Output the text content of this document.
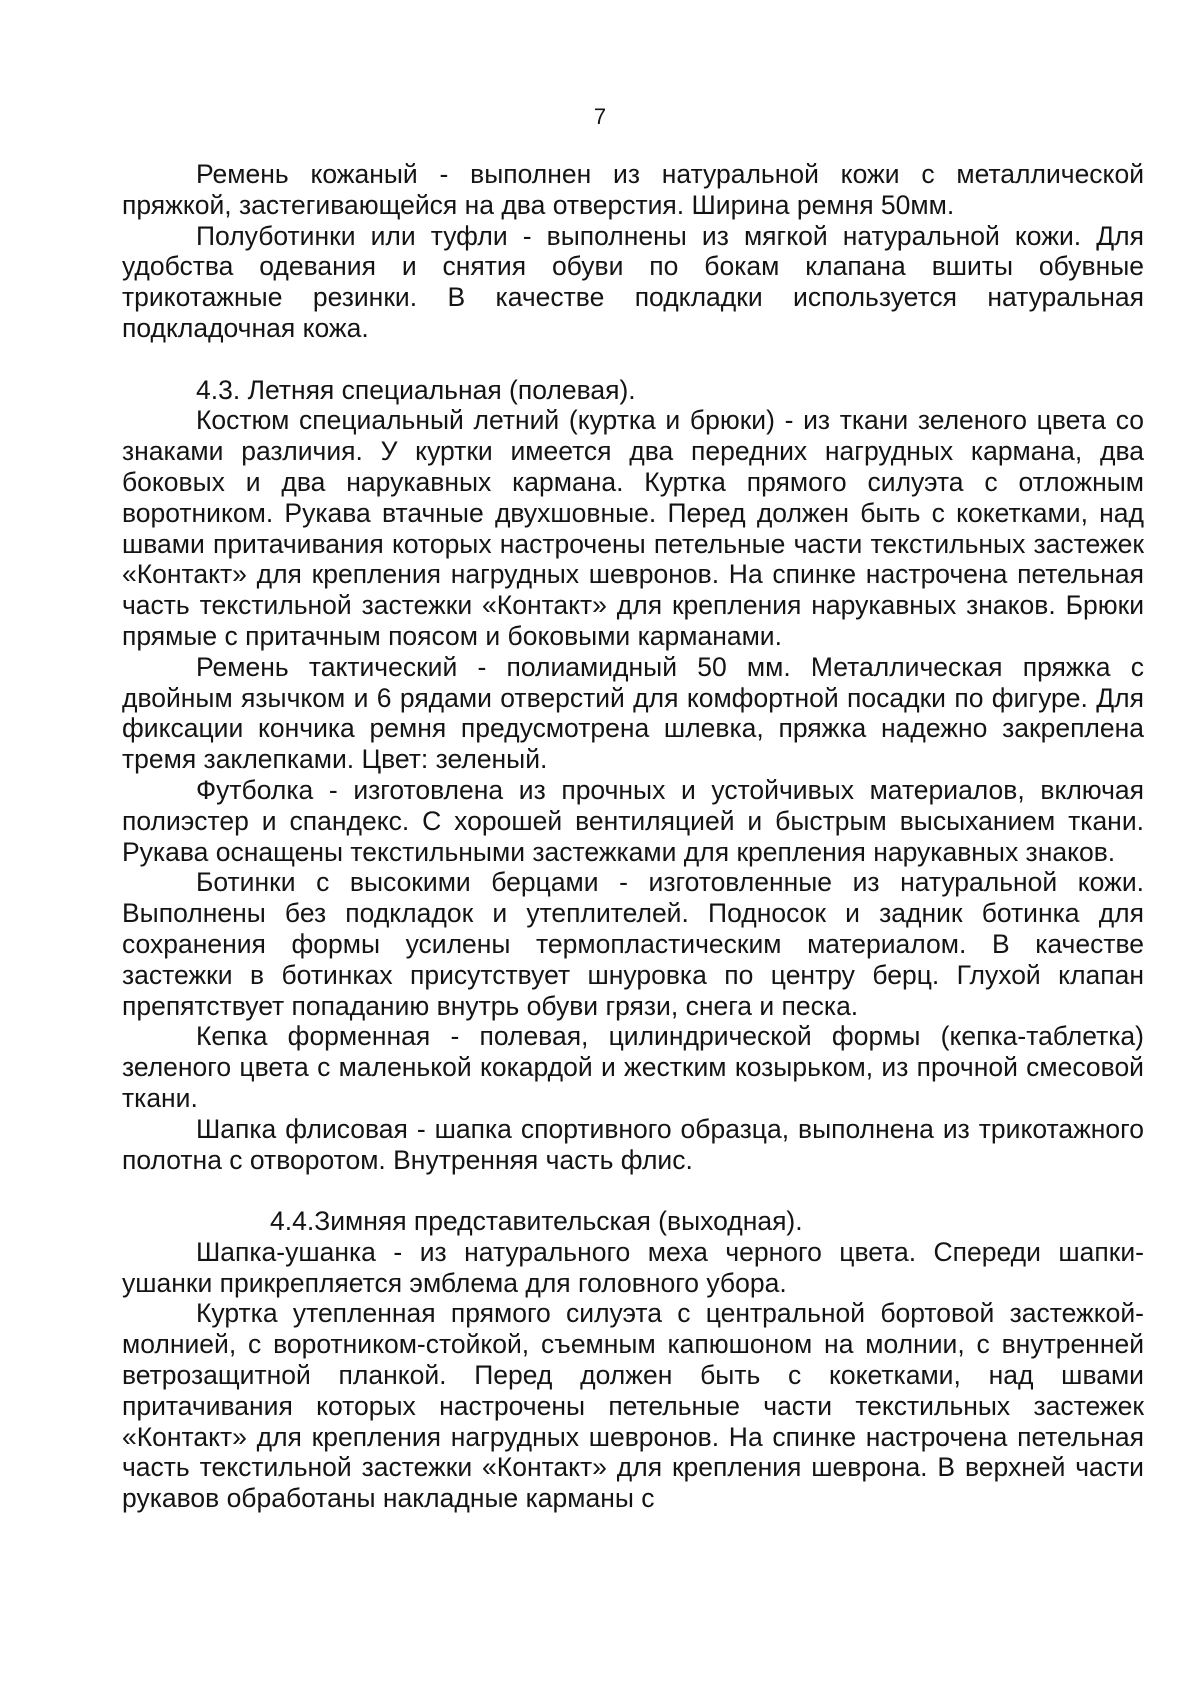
7

Ремень кожаный - выполнен из натуральной кожи с металлической пряжкой, застегивающейся на два отверстия. Ширина ремня 50мм.

Полуботинки или туфли - выполнены из мягкой натуральной кожи. Для удобства одевания и снятия обуви по бокам клапана вшиты обувные трикотажные резинки. В качестве подкладки используется натуральная подкладочная кожа.

4.3. Летняя специальная (полевая).

Костюм специальный летний (куртка и брюки) - из ткани зеленого цвета со знаками различия. У куртки имеется два передних нагрудных кармана, два боковых и два нарукавных кармана. Куртка прямого силуэта с отложным воротником. Рукава втачные двухшовные. Перед должен быть с кокетками, над швами притачивания которых настрочены петельные части текстильных застежек «Контакт» для крепления нагрудных шевронов. На спинке настрочена петельная часть текстильной застежки «Контакт» для крепления нарукавных знаков. Брюки прямые с притачным поясом и боковыми карманами.

Ремень тактический - полиамидный 50 мм. Металлическая пряжка с двойным язычком и 6 рядами отверстий для комфортной посадки по фигуре. Для фиксации кончика ремня предусмотрена шлевка, пряжка надежно закреплена тремя заклепками. Цвет: зеленый.

Футболка - изготовлена из прочных и устойчивых материалов, включая полиэстер и спандекс. С хорошей вентиляцией и быстрым высыханием ткани. Рукава оснащены текстильными застежками для крепления нарукавных знаков.

Ботинки с высокими берцами - изготовленные из натуральной кожи. Выполнены без подкладок и утеплителей. Подносок и задник ботинка для сохранения формы усилены термопластическим материалом. В качестве застежки в ботинках присутствует шнуровка по центру берц. Глухой клапан препятствует попаданию внутрь обуви грязи, снега и песка.

Кепка форменная - полевая, цилиндрической формы (кепка-таблетка) зеленого цвета с маленькой кокардой и жестким козырьком, из прочной смесовой ткани.

Шапка флисовая - шапка спортивного образца, выполнена из трикотажного полотна с отворотом. Внутренняя часть флис.

4.4.Зимняя представительская (выходная).

Шапка-ушанка - из натурального меха черного цвета. Спереди шапки-ушанки прикрепляется эмблема для головного убора.

Куртка утепленная прямого силуэта с центральной бортовой застежкой-молнией, с воротником-стойкой, съемным капюшоном на молнии, с внутренней ветрозащитной планкой. Перед должен быть с кокетками, над швами притачивания которых настрочены петельные части текстильных застежек «Контакт» для крепления нагрудных шевронов. На спинке настрочена петельная часть текстильной застежки «Контакт» для крепления шеврона. В верхней части рукавов обработаны накладные карманы с
